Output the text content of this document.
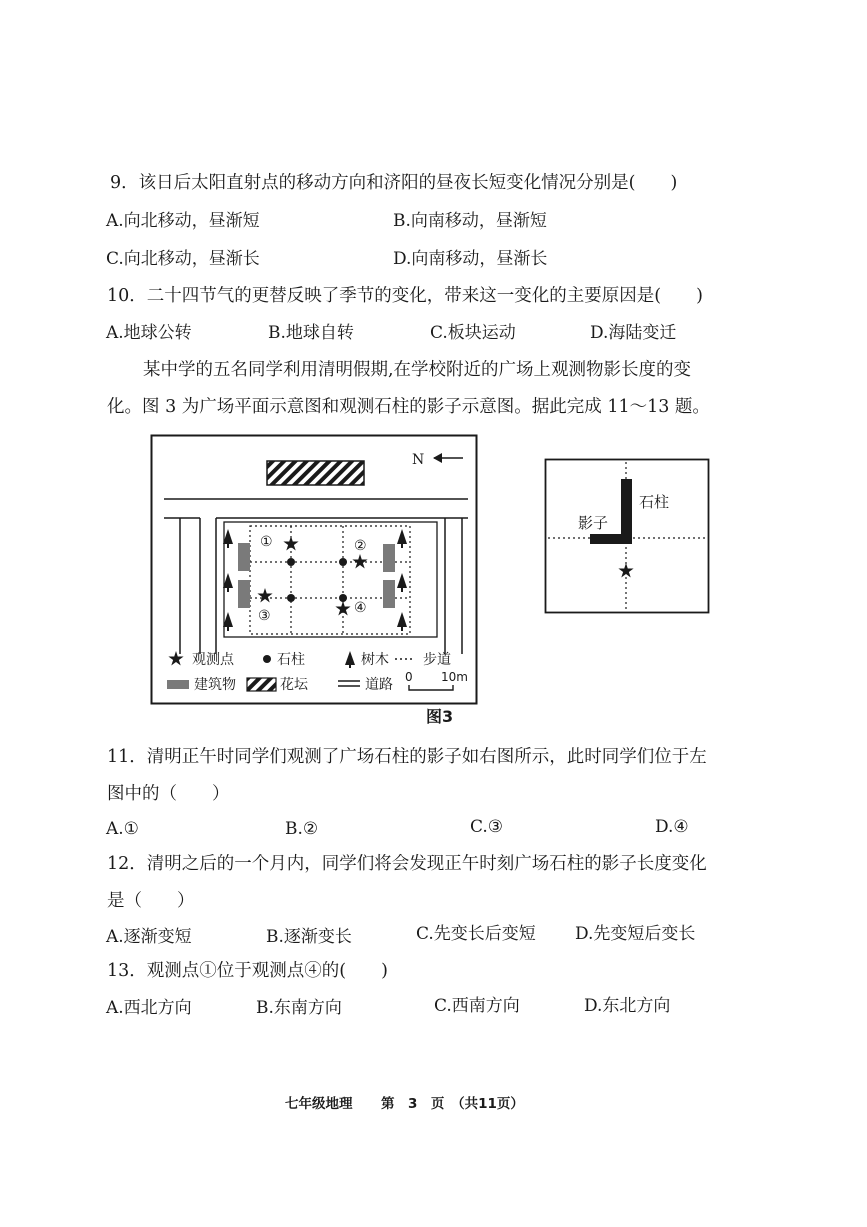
9．该日后太阳直射点的移动方向和济阳的昼夜长短变化情况分别是(　　)
A.向北移动，昼渐短	B.向南移动，昼渐短
C.向北移动，昼渐长	D.向南移动，昼渐长
10．二十四节气的更替反映了季节的变化，带来这一变化的主要原因是(　　)
A.地球公转	B.地球自转	C.板块运动	D.海陆变迁
某中学的五名同学利用清明假期,在学校附近的广场上观测物影长度的变
化。图 3 为广场平面示意图和观测石柱的影子示意图。据此完成 11～13 题。
N
①	②
③	④
观测点	石柱	树木 步道
建筑物	花坛	道路 0 10m
石柱
影子
图3
11．清明正午时同学们观测了广场石柱的影子如右图所示，此时同学们位于左
图中的（　　）
A.①	B.②	C.③	D.④
12．清明之后的一个月内，同学们将会发现正午时刻广场石柱的影子长度变化
是（　　）
A.逐渐变短	B.逐渐变长	C.先变长后变短 D.先变短后变长
13．观测点①位于观测点④的(　　)
A.西北方向	B.东南方向	C.西南方向	D.东北方向
七年级地理 第　3　页　（共11页）
